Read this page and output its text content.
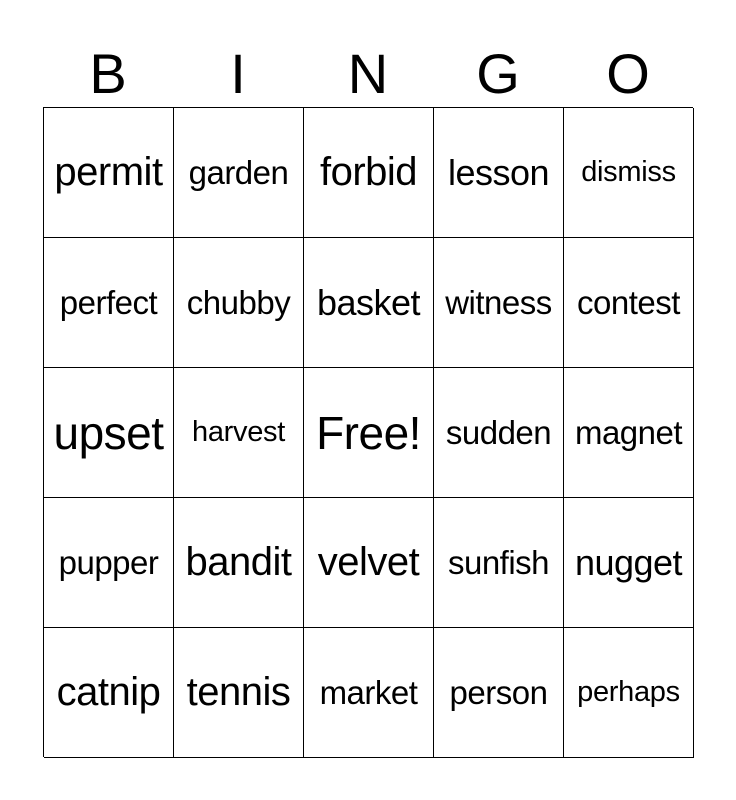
B	I	N	G	O
permit garden forbid lesson	dismiss
perfect chubby basket witness contest
upset harvest Free! sudden magnet
pupper bandit velvet sunfish nugget
catnip tennis market person	perhaps
